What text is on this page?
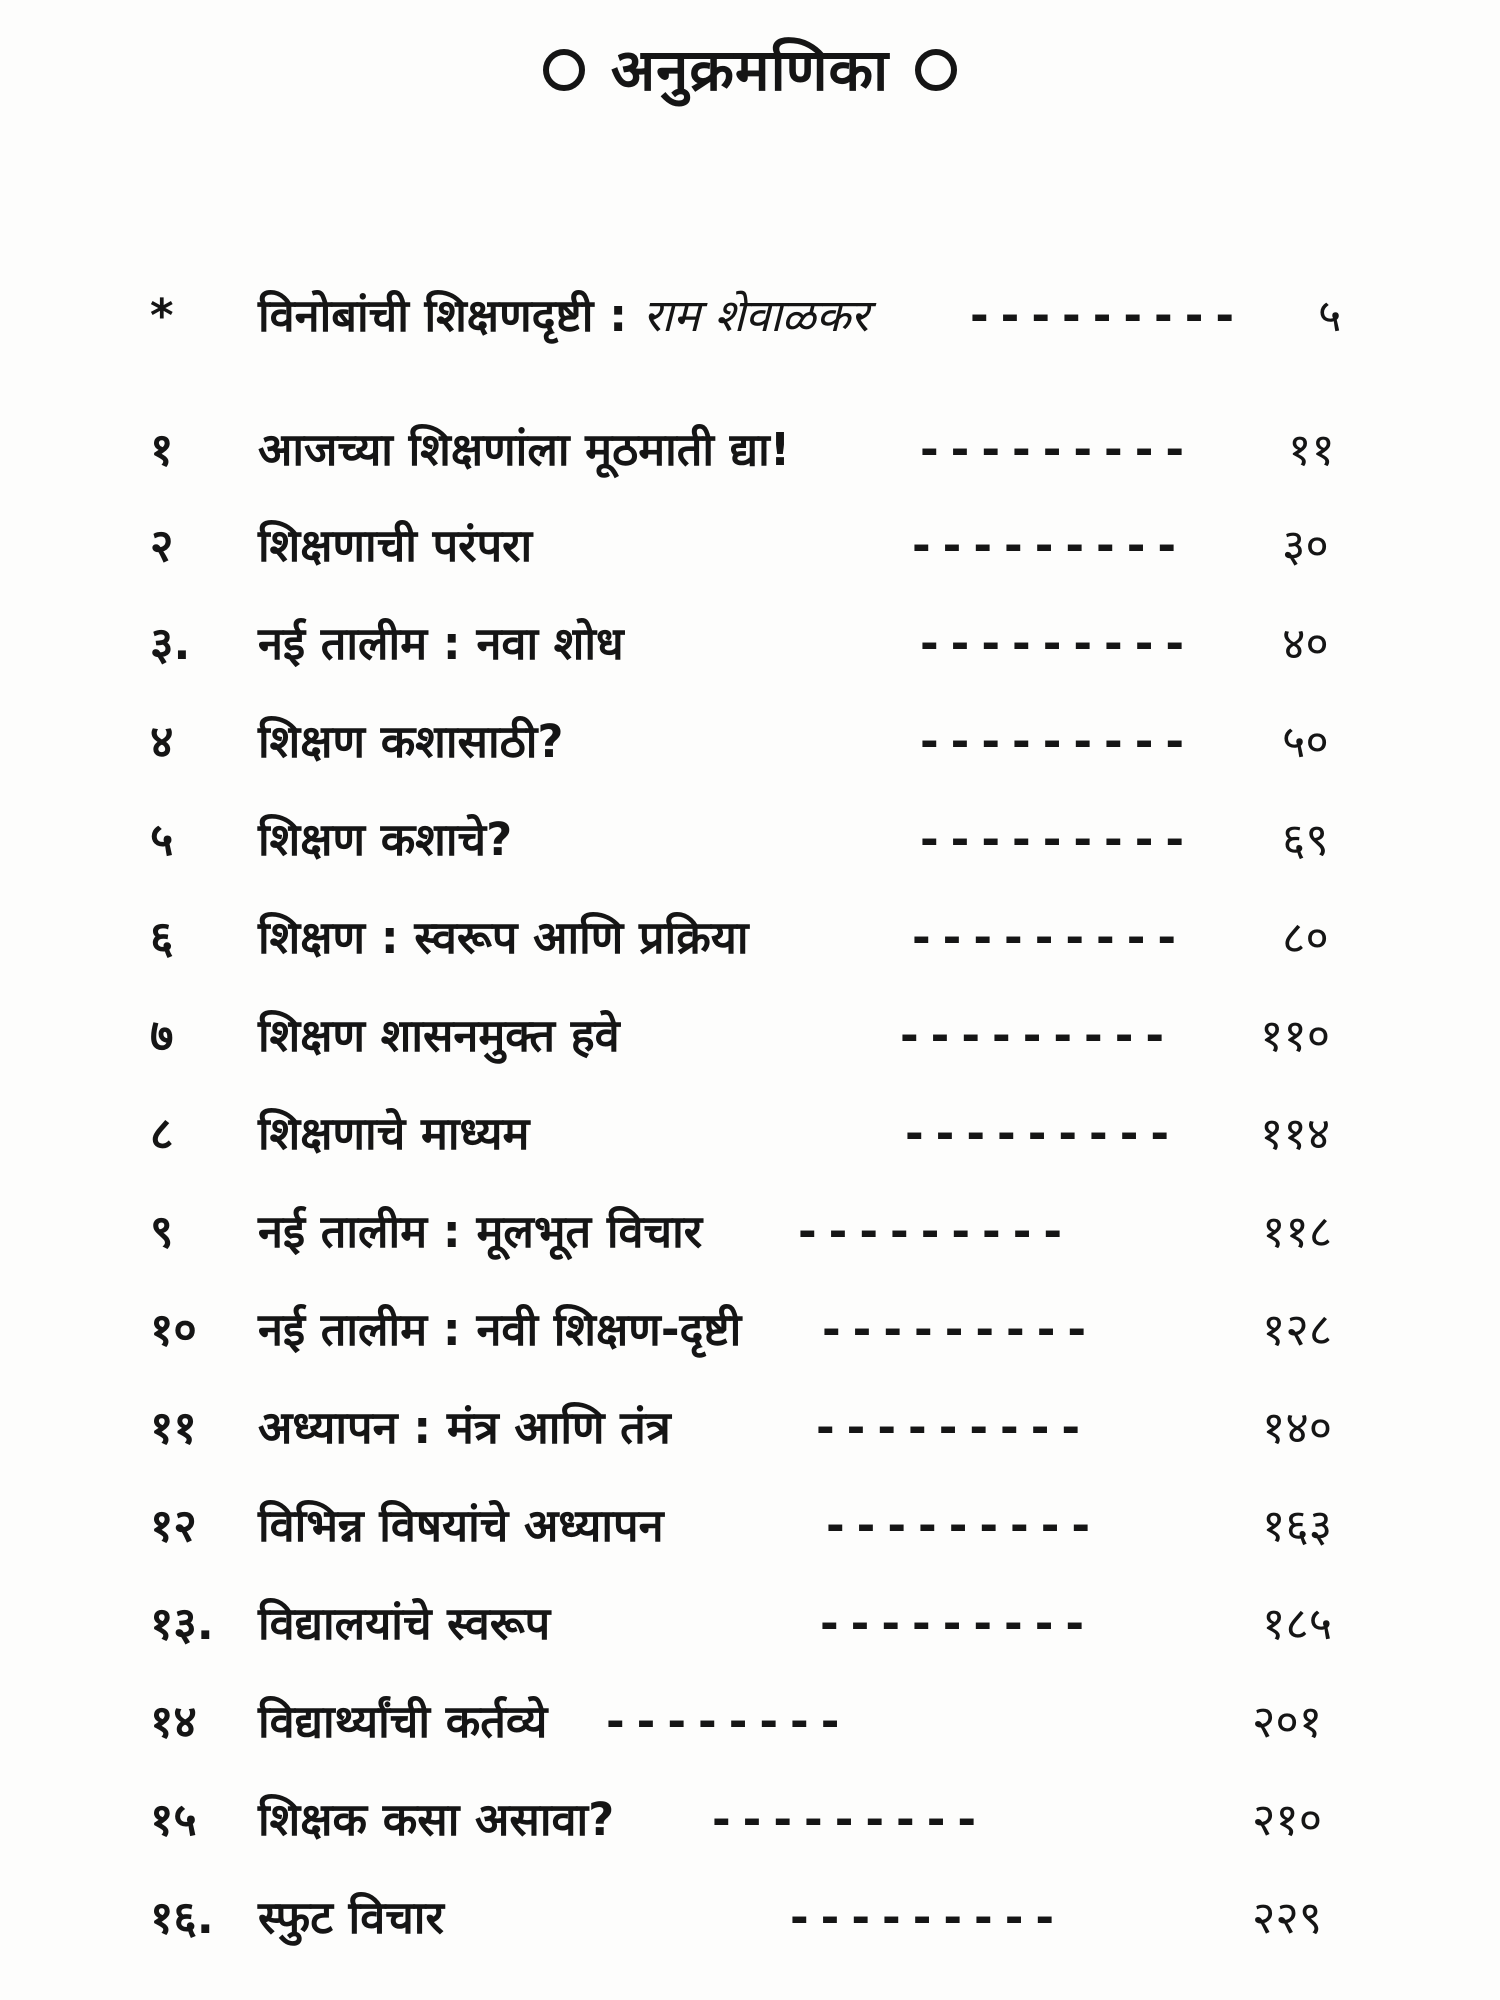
अनुक्रमणिका
*	विनोबांची शिक्षणदृष्टी : राम शेवाळकर --------- ५
१	आजच्या शिक्षणांला मूठमाती द्या!	--------- ११
२	शिक्षणाची परंपरा	--------- ३०
३.	नई तालीम : नवा शोध	--------- ४०
४	शिक्षण कशासाठी?	--------- ५०
५	शिक्षण कशाचे?	--------- ६९
६	शिक्षण : स्वरूप आणि प्रक्रिया	--------- ८०
७	शिक्षण शासनमुक्त हवे	--------- ११०
८	शिक्षणाचे माध्यम	--------- ११४
९	नई तालीम : मूलभूत विचार ---------	११८
१०	नई तालीम : नवी शिक्षण-दृष्टी ---------	१२८
११	अध्यापन : मंत्र आणि तंत्र	---------	१४०
१२	विभिन्न विषयांचे अध्यापन	---------	१६३
१३. विद्यालयांचे स्वरूप	---------	१८५
१४	विद्यार्थ्यांची कर्तव्ये --------	२०१
१५	शिक्षक कसा असावा? ---------	२१०
१६. स्फुट विचार	---------	२२९
